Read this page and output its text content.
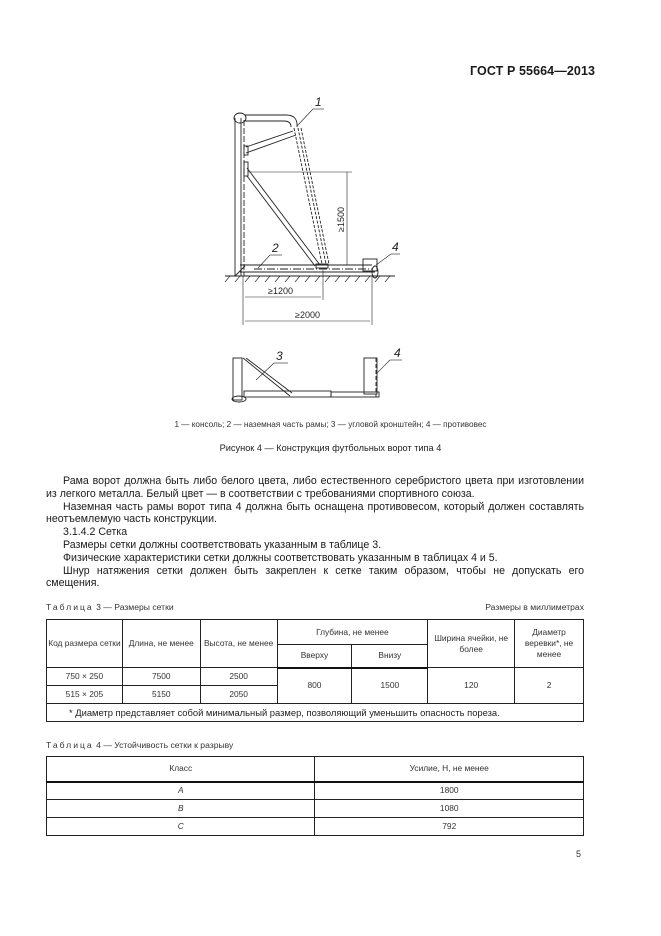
ГОСТ Р 55664—2013
1
2	4
3	4
≥1200
≥2000
≥1500
1 — консоль; 2 — наземная часть рамы; 3 — угловой кронштейн; 4 — противовес
Рисунок 4 — Конструкция футбольных ворот типа 4

Рама ворот должна быть либо белого цвета, либо естественного серебристого цвета при изготовлении из легкого металла. Белый цвет — в соответствии с требованиями спортивного союза.

Наземная часть рамы ворот типа 4 должна быть оснащена противовесом, который должен составлять неотъемлемую часть конструкции.

3.1.4.2 Сетка

Размеры сетки должны соответствовать указанным в таблице 3.

Физические характеристики сетки должны соответствовать указанным в таблицах 4 и 5.

Шнур натяжения сетки должен быть закреплен к сетке таким образом, чтобы не допускать его смещения.

Таблица 3 — Размеры сетки	Размеры в миллиметрах
Код размера сетки	Длина, не менее	Высота, не менее	Глубина, не менее		Ширина ячейки, не более	Диаметр веревки*, не менее
			Вверху	Внизу		
750 × 250	7500	2500	800	1500	120	2
515 × 205	5150	2050				
* Диаметр представляет собой минимальный размер, позволяющий уменьшить опасность пореза.						
Таблица 4 — Устойчивость сетки к разрыву
Класс	Усилие, Н, не менее
A	1800
B	1080
C	792
5
